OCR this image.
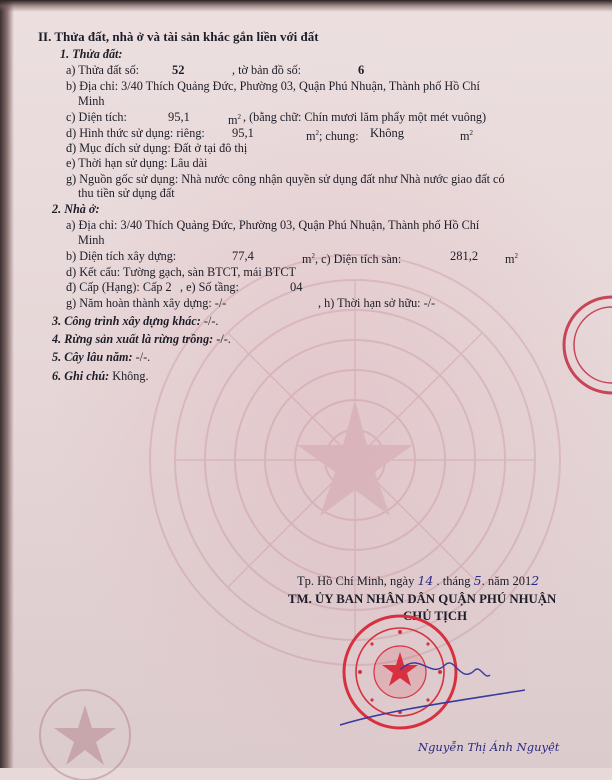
II. Thửa đất, nhà ở và tài sản khác gắn liền với đất
1. Thửa đất:
a) Thửa đất số:	52	, tờ bản đồ số:	6
b) Địa chỉ: 3/40 Thích Quảng Đức, Phường 03, Quận Phú Nhuận, Thành phố Hồ Chí
Minh
c) Diện tích:	95,1	$m^2$ , (bằng chữ: Chín mươi lăm phẩy một mét vuông)
d) Hình thức sử dụng: riêng: 95,1	$m^2$; chung: Không	$m^2$
đ) Mục đích sử dụng: Đất ở tại đô thị
e) Thời hạn sử dụng: Lâu dài
g) Nguồn gốc sử dụng: Nhà nước công nhận quyền sử dụng đất như Nhà nước giao đất có
thu tiền sử dụng đất
2. Nhà ở:
a) Địa chỉ: 3/40 Thích Quảng Đức, Phường 03, Quận Phú Nhuận, Thành phố Hồ Chí
Minh
b) Diện tích xây dựng:	77,4	$m^2$, c) Diện tích sàn:	281,2 $m^2$
d) Kết cấu: Tường gạch, sàn BTCT, mái BTCT
đ) Cấp (Hạng): Cấp 2 , e) Số tầng:	04
g) Năm hoàn thành xây dựng: -/-	, h) Thời hạn sở hữu: -/-
3. Công trình xây dựng khác: -/-.
4. Rừng sản xuất là rừng trồng: -/-.
5. Cây lâu năm: -/-.
6. Ghi chú: Không.
Tp. Hồ Chí Minh, ngày 14 . tháng 5. năm 2012
TM. ỦY BAN NHÂN DÂN QUẬN PHÚ NHUẬN
CHỦ TỊCH
Nguyễn Thị Ánh Nguyệt
